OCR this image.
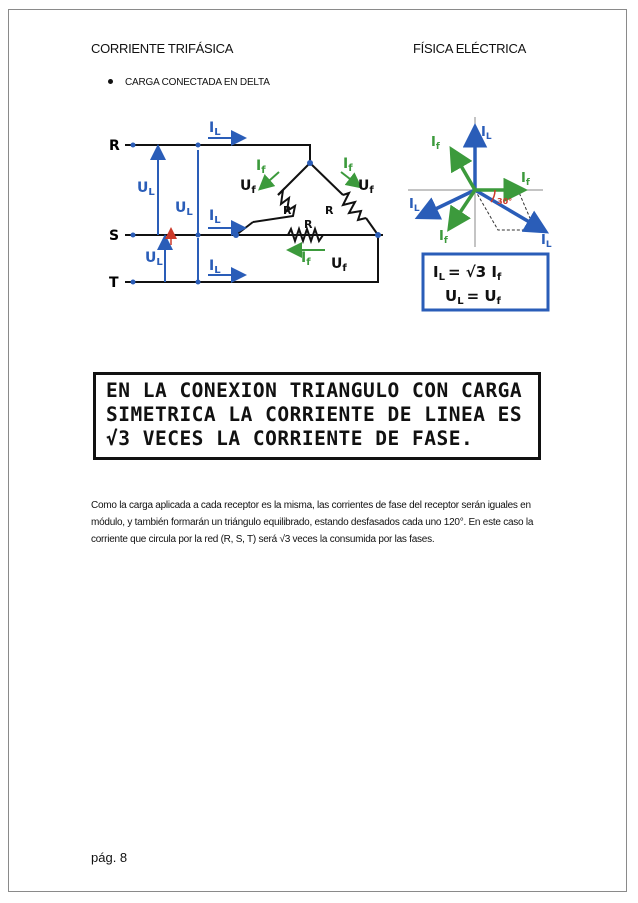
CORRIENTE TRIFÁSICA	FÍSICA ELÉCTRICA
CARGA CONECTADA EN DELTA
R
S
T
$I_L$
$I_L$
$I_L$
$U_L$
$U_L$
$U_L$
$I_f$	$I_f$
$I_f$
$U_f$	$U_f$
$U_f$
R	R
R
30°
$I_L$
$I_L$
$I_L$
$I_f$
$I_f$
$I_f$
$I_L = √3$ $I_f$
$U_L = U_f$
EN LA CONEXION TRIANGULO CON CARGA
SIMETRICA LA CORRIENTE DE LINEA ES
√3 VECES LA CORRIENTE DE FASE.

Como la carga aplicada a cada receptor es la misma, las corrientes de fase del receptor serán iguales en módulo, y también formarán un triángulo equilibrado, estando desfasados cada uno 120°. En este caso la corriente que circula por la red (R, S, T) será √3 veces la consumida por las fases.

pág. 8
